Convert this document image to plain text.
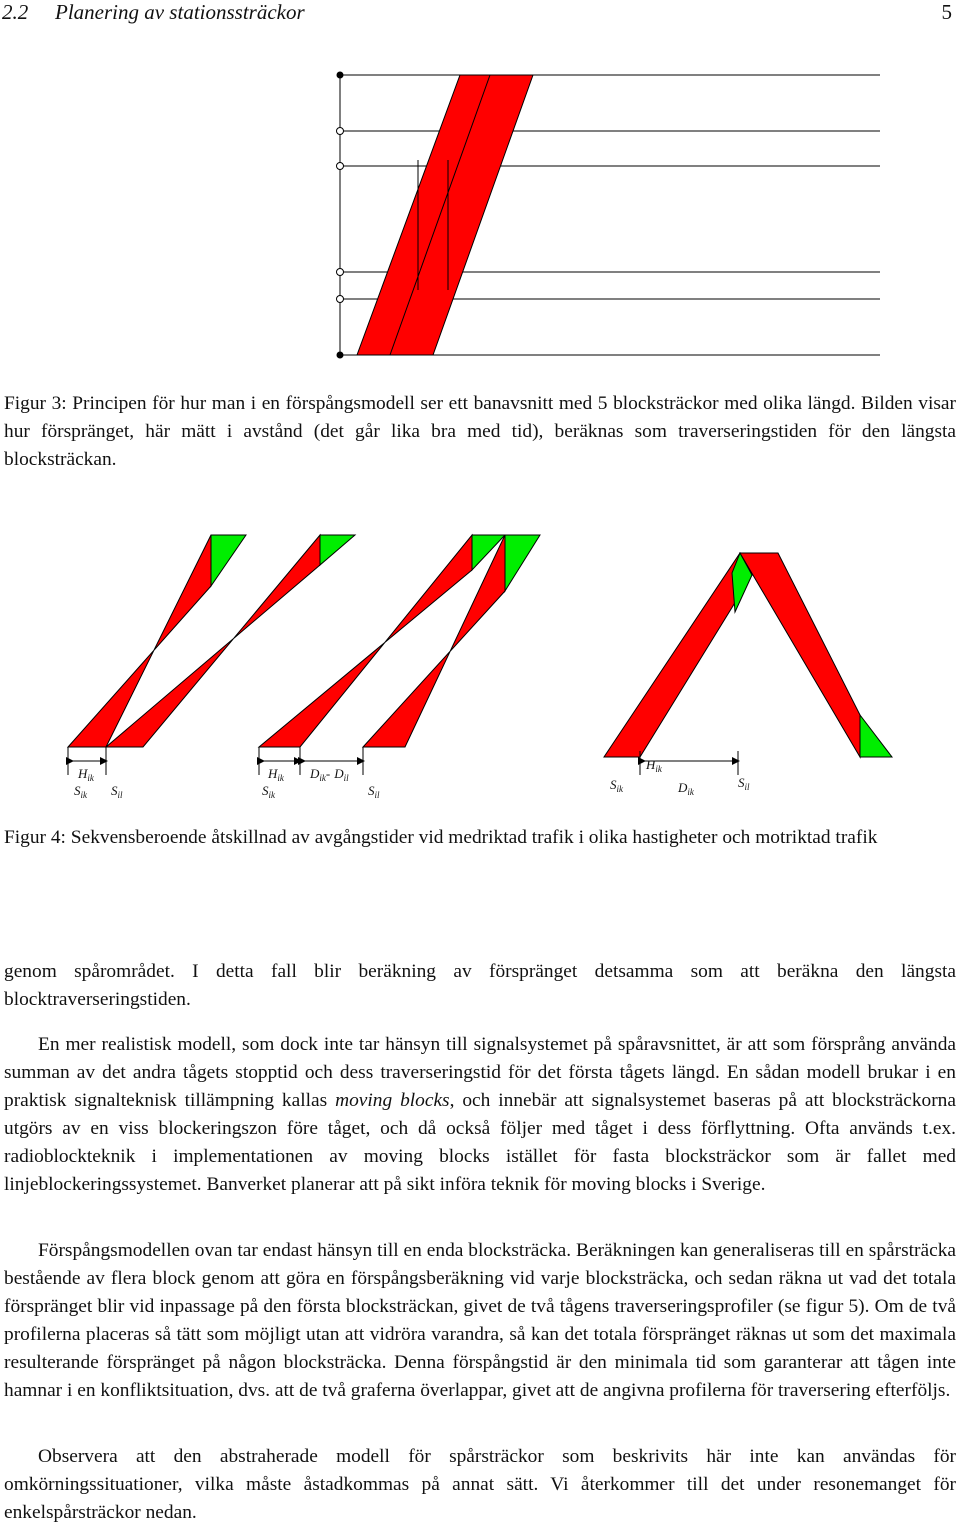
2.2 Planering av stationssträckor	5
Figur 3: Principen för hur man i en förspångsmodell ser ett banavsnitt med 5 blocksträckor med olika längd. Bilden visar hur förspränget, här mätt i avstånd (det går lika bra med tid), beräknas som traverseringstiden för den längsta blocksträckan.
$H_{ik}$
$S_{ik}$ $S_{il}$
$H_{ik}$
$S_{ik}$
$D_{ik}-$ $D_{il}$
$S_{il}$
$S_{ik}$
$H_{ik}$
$D_{ik}$
$S_{il}$
Figur 4: Sekvensberoende åtskillnad av avgångstider vid medriktad trafik i olika hastigheter och motriktad trafik
genom spårområdet. I detta fall blir beräkning av förspränget detsamma som att beräkna den längsta blocktraverseringstiden.
En mer realistisk modell, som dock inte tar hänsyn till signalsystemet på spåravsnittet, är att som försprång använda summan av det andra tågets stopptid och dess traverseringstid för det första tågets längd. En sådan modell brukar i en praktisk signalteknisk tillämpning kallas moving blocks, och innebär att signalsystemet baseras på att blocksträckorna utgörs av en viss blockeringszon före tåget, och då också följer med tåget i dess förflyttning. Ofta används t.ex. radioblockteknik i implementationen av moving blocks istället för fasta blocksträckor som är fallet med linjeblockeringssystemet. Banverket planerar att på sikt införa teknik för moving blocks i Sverige.
Förspångsmodellen ovan tar endast hänsyn till en enda blocksträcka. Beräkningen kan generaliseras till en spårsträcka bestående av flera block genom att göra en förspångsberäkning vid varje blocksträcka, och sedan räkna ut vad det totala förspränget blir vid inpassage på den första blocksträckan, givet de två tågens traverseringsprofiler (se figur 5). Om de två profilerna placeras så tätt som möjligt utan att vidröra varandra, så kan det totala förspränget räknas ut som det maximala resulterande förspränget på någon blocksträcka. Denna förspångstid är den minimala tid som garanterar att tågen inte hamnar i en konfliktsituation, dvs. att de två graferna överlappar, givet att de angivna profilerna för traversering efterföljs.
Observera att den abstraherade modell för spårsträckor som beskrivits här inte kan användas för omkörningssituationer, vilka måste åstadkommas på annat sätt. Vi återkommer till det under resonemanget för enkelspårsträckor nedan.
